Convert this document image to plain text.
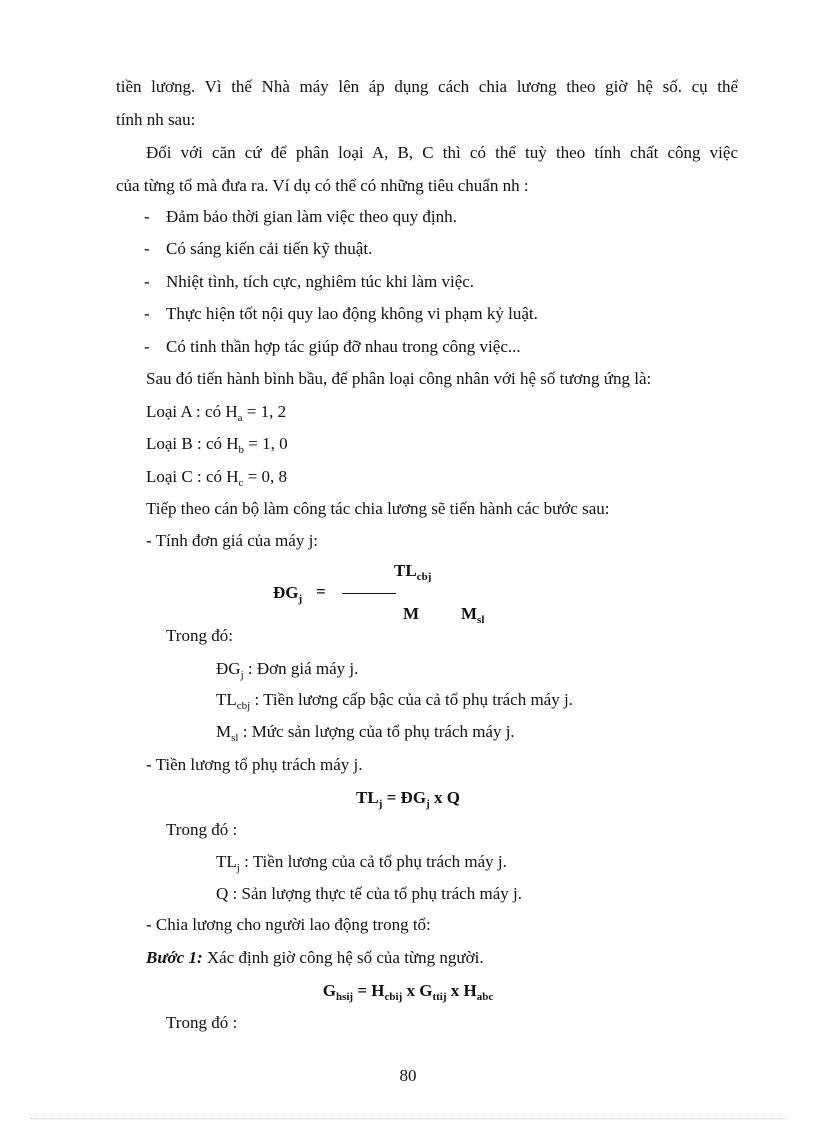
tiền lương. Vì thế Nhà máy lên áp dụng cách chia lương theo giờ hệ số. cụ thể
tính nh sau:
Đối với căn cứ để phân loại A, B, C thì có thể tuỳ theo tính chất công việc
của từng tổ mà đưa ra. Ví dụ có thể có những tiêu chuẩn nh :
- Đảm bảo thời gian làm việc theo quy định.
- Có sáng kiến cải tiến kỹ thuật.
- Nhiệt tình, tích cực, nghiêm túc khi làm việc.
- Thực hiện tốt nội quy lao động không vi phạm kỷ luật.
- Có tinh thần hợp tác giúp đỡ nhau trong công việc...
Sau đó tiến hành bình bầu, để phân loại công nhân với hệ số tương ứng là:
Loại A : có $H_a = 1$, 2
Loại B : có $H_b = 1$, 0
Loại C : có $H_c = 0$, 8
Tiếp theo cán bộ làm công tác chia lương sẽ tiến hành các bước sau:
- Tính đơn giá của máy j:
$ĐG_j$ =
$TL_{cbj}$
M $M_{sl}$
Trong đó:
$ĐG_j$ : Đơn giá máy j.
$TL_{cbj}$ : Tiền lương cấp bậc của cả tổ phụ trách máy j.
$M_{sl}$ : Mức sản lượng của tổ phụ trách máy j.
- Tiền lương tổ phụ trách máy j.
$TL_j$ = $ĐG_j$ x Q
Trong đó :
$TL_j$ : Tiền lương của cả tổ phụ trách máy j.
Q : Sản lượng thực tế của tổ phụ trách máy j.
- Chia lương cho người lao động trong tổ:
Bước 1: Xác định giờ công hệ số của từng người.
$G_{hsij} = H_{cbij}$ x $G_{ttij}$ x $H_{abc}$
Trong đó :
80
